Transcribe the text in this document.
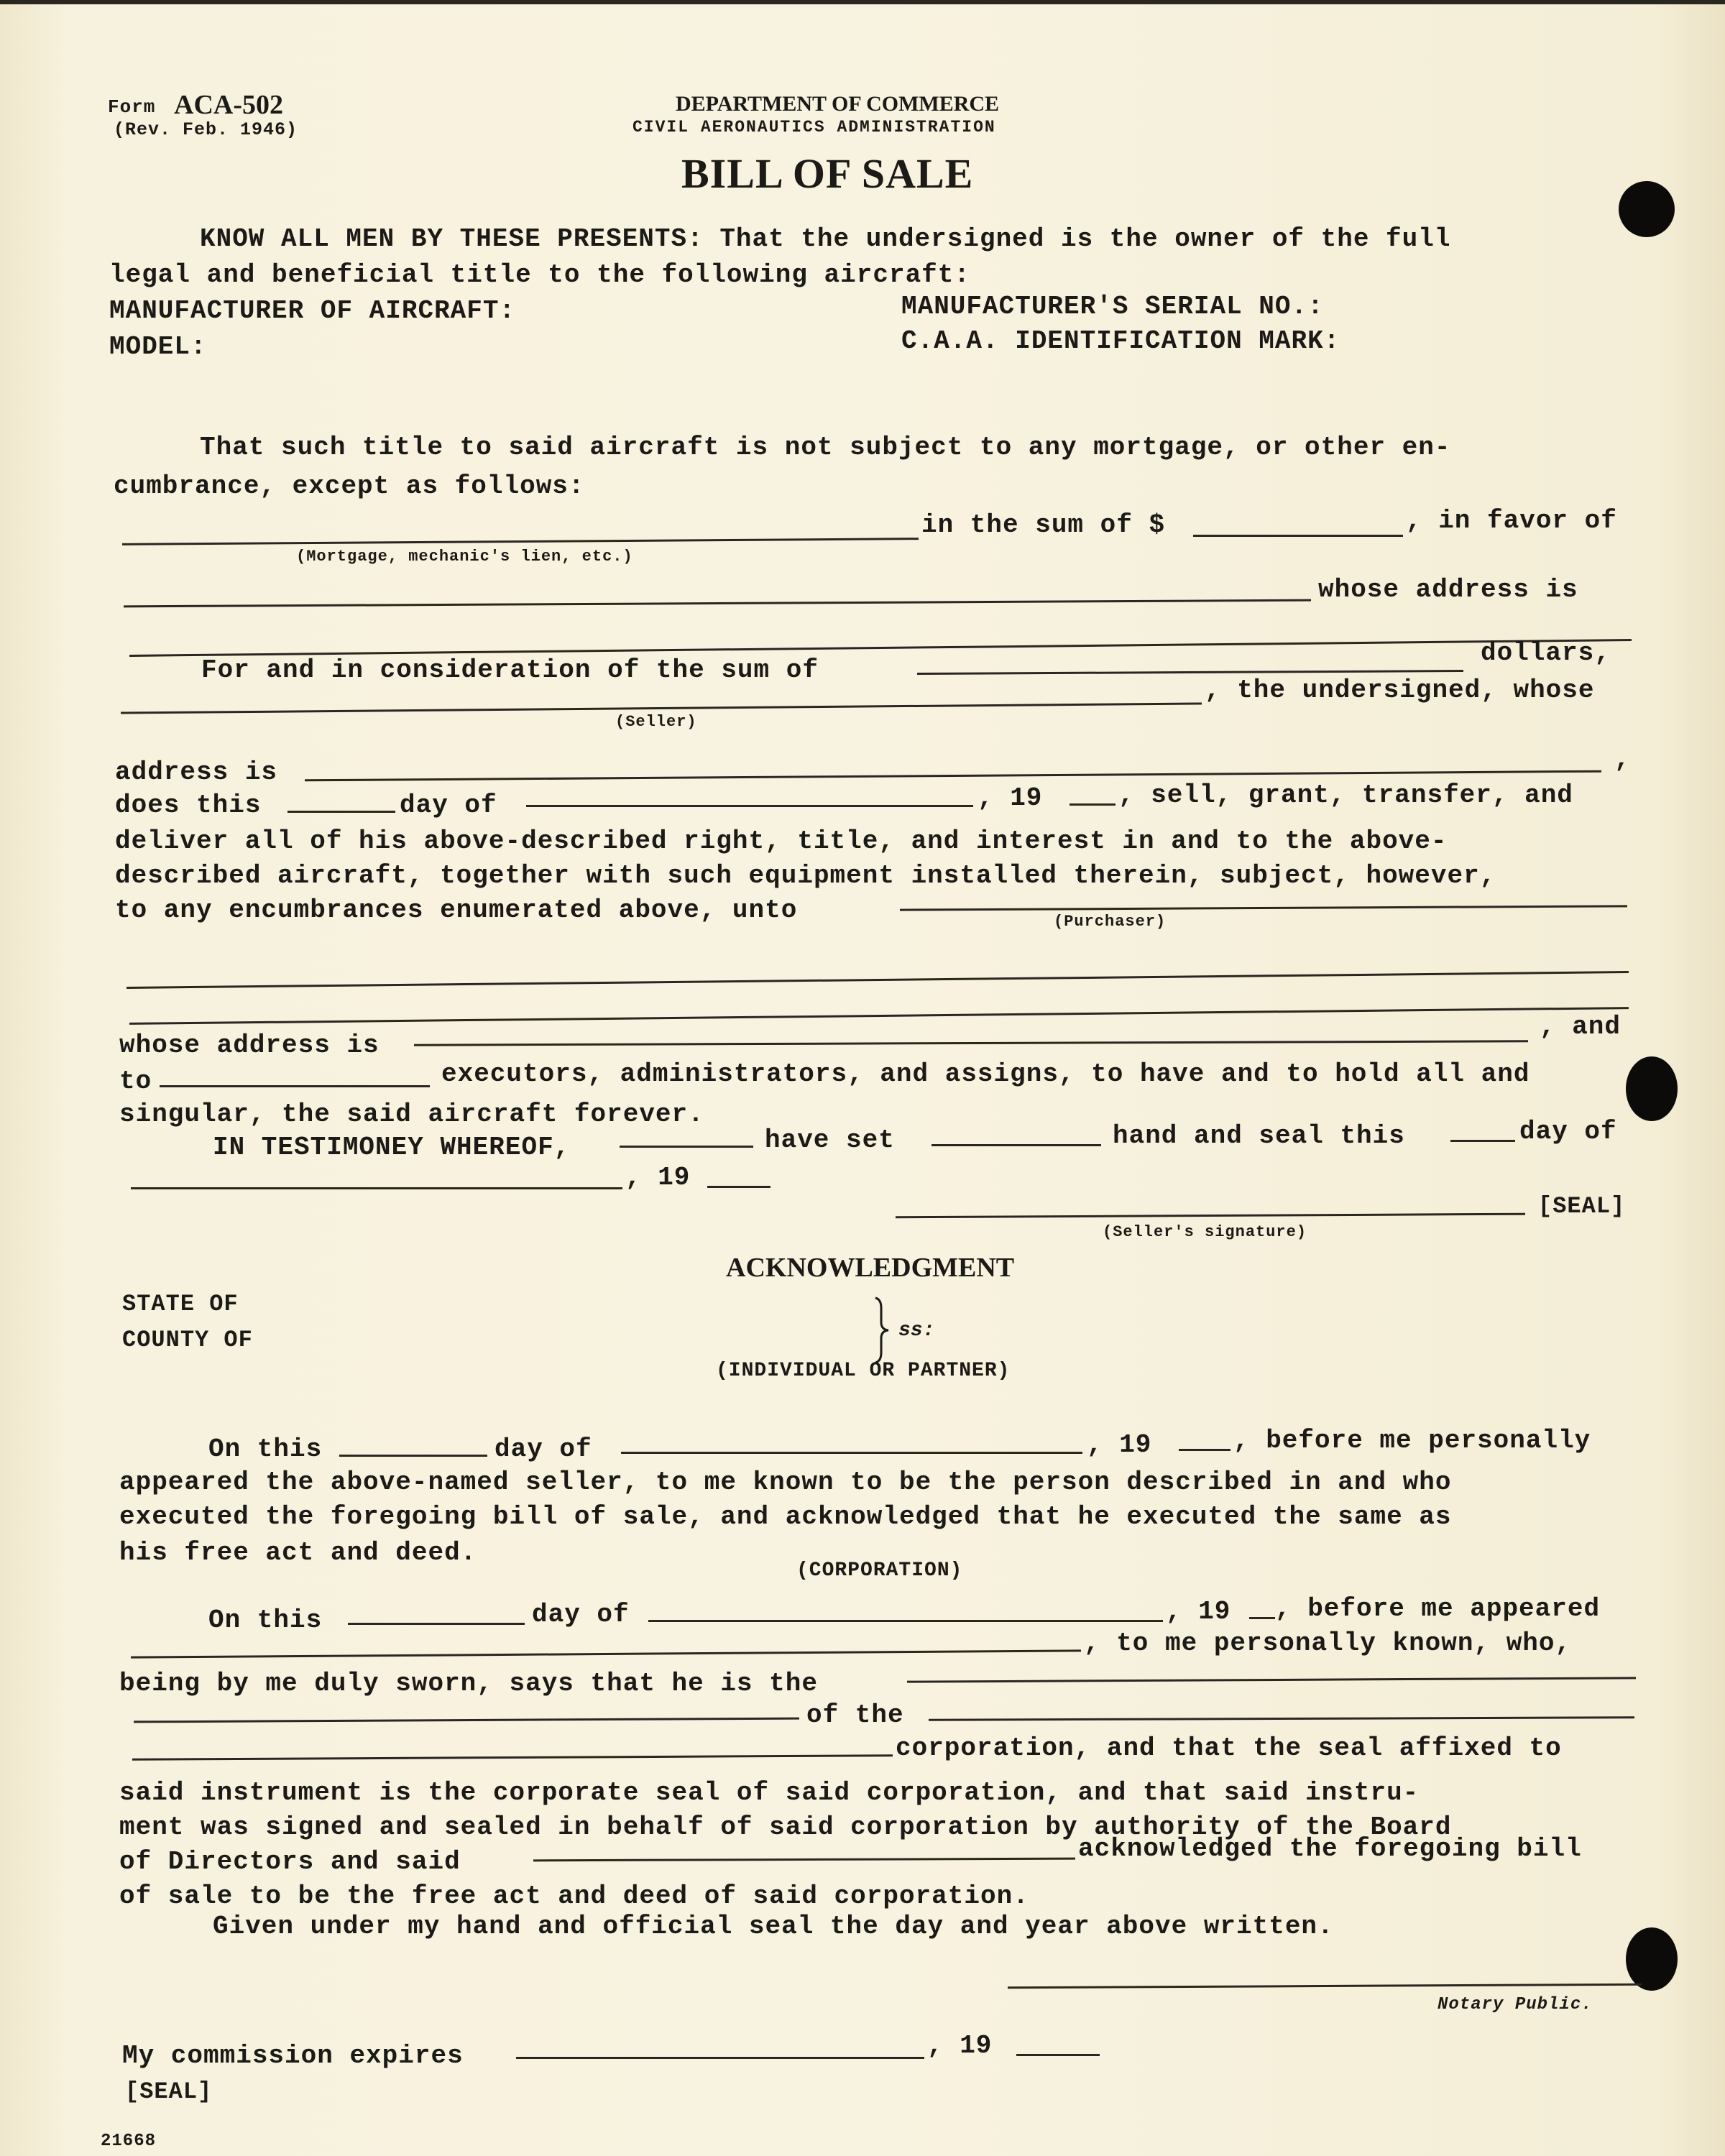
Form ACA-502
(Rev. Feb. 1946)
DEPARTMENT OF COMMERCE
CIVIL AERONAUTICS ADMINISTRATION
BILL OF SALE
KNOW ALL MEN BY THESE PRESENTS: That the undersigned is the owner of the full
legal and beneficial title to the following aircraft:
MANUFACTURER OF AIRCRAFT:	MANUFACTURER'S SERIAL NO.:
MODEL:	C.A.A. IDENTIFICATION MARK:
That such title to said aircraft is not subject to any mortgage, or other en-
cumbrance, except as follows:
in the sum of $	, in favor of
(Mortgage, mechanic's lien, etc.)
whose address is
For and in consideration of the sum of
dollars,
, the undersigned, whose
(Seller)
address is	,
does this	day of	, 19	, sell, grant, transfer, and
deliver all of his above-described right, title, and interest in and to the above-
described aircraft, together with such equipment installed therein, subject, however,
to any encumbrances enumerated above, unto	(Purchaser)
whose address is
, and
to	executors, administrators, and assigns, to have and to hold all and
singular, the said aircraft forever.
IN TESTIMONEY WHEREOF,	have set	hand and seal this	day of
, 19
[SEAL]
(Seller's signature)
ACKNOWLEDGMENT
STATE OF
COUNTY OF	ss:
(INDIVIDUAL OR PARTNER)
On this	day of	, 19	, before me personally
appeared the above-named seller, to me known to be the person described in and who
executed the foregoing bill of sale, and acknowledged that he executed the same as
his free act and deed.
(CORPORATION)
On this	day of	, 19 , before me appeared
, to me personally known, who,
being by me duly sworn, says that he is the
of the
corporation, and that the seal affixed to
said instrument is the corporate seal of said corporation, and that said instru-
ment was signed and sealed in behalf of said corporation by authority of the Board
of Directors and said	acknowledged the foregoing bill
of sale to be the free act and deed of said corporation.
Given under my hand and official seal the day and year above written.
Notary Public.
My commission expires	, 19
[SEAL]
21668
